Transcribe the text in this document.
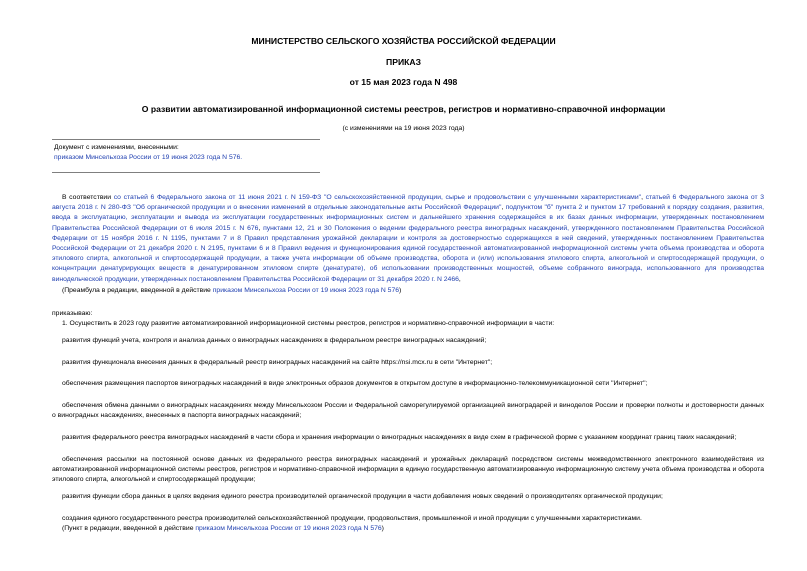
МИНИСТЕРСТВО СЕЛЬСКОГО ХОЗЯЙСТВА РОССИЙСКОЙ ФЕДЕРАЦИИ
ПРИКАЗ
от 15 мая 2023 года N 498
О развитии автоматизированной информационной системы реестров, регистров и нормативно-справочной информации
(с изменениями на 19 июня 2023 года)
Документ с изменениями, внесенными:
приказом Минсельхоза России от 19 июня 2023 года N 576.
В соответствии со статьей 6 Федерального закона от 11 июня 2021 г. N 159-ФЗ "О сельскохозяйственной продукции, сырье и продовольствии с улучшенными характеристиками", статьей 6 Федерального закона от 3 августа 2018 г. N 280-ФЗ "Об органической продукции и о внесении изменений в отдельные законодательные акты Российской Федерации", подпунктом "б" пункта 2 и пунктом 17 требований к порядку создания, развития, ввода в эксплуатацию, эксплуатации и вывода из эксплуатации государственных информационных систем и дальнейшего хранения содержащейся в их базах данных информации, утвержденных постановлением Правительства Российской Федерации от 6 июля 2015 г. N 676, пунктами 12, 21 и 30 Положения о ведении федерального реестра виноградных насаждений, утвержденного постановлением Правительства Российской Федерации от 15 ноября 2016 г. N 1195, пунктами 7 и 8 Правил представления урожайной декларации и контроля за достоверностью содержащихся в ней сведений, утвержденных постановлением Правительства Российской Федерации от 21 декабря 2020 г. N 2195, пунктами 6 и 8 Правил ведения и функционирования единой государственной автоматизированной информационной системы учета объема производства и оборота этилового спирта, алкогольной и спиртосодержащей продукции, а также учета информации об объеме производства, оборота и (или) использования этилового спирта, алкогольной и спиртосодержащей продукции, о концентрации денатурирующих веществ в денатурированном этиловом спирте (денатурате), об использовании производственных мощностей, объеме собранного винограда, использованного для производства винодельческой продукции, утвержденных постановлением Правительства Российской Федерации от 31 декабря 2020 г. N 2466,
(Преамбула в редакции, введенной в действие приказом Минсельхоза России от 19 июня 2023 года N 576)
приказываю:
1. Осуществить в 2023 году развитие автоматизированной информационной системы реестров, регистров и нормативно-справочной информации в части:
развития функций учета, контроля и анализа данных о виноградных насаждениях в федеральном реестре виноградных насаждений;
развития функционала внесения данных в федеральный реестр виноградных насаждений на сайте https://nsi.mcx.ru в сети "Интернет";
обеспечения размещения паспортов виноградных насаждений в виде электронных образов документов в открытом доступе в информационно-телекоммуникационной сети "Интернет";
обеспечения обмена данными о виноградных насаждениях между Минсельхозом России и Федеральной саморегулируемой организацией виноградарей и виноделов России и проверки полноты и достоверности данных о виноградных насаждениях, внесенных в паспорта виноградных насаждений;
развития федерального реестра виноградных насаждений в части сбора и хранения информации о виноградных насаждениях в виде схем в графической форме с указанием координат границ таких насаждений;
обеспечения рассылки на постоянной основе данных из федерального реестра виноградных насаждений и урожайных деклараций посредством системы межведомственного электронного взаимодействия из автоматизированной информационной системы реестров, регистров и нормативно-справочной информации в единую государственную автоматизированную информационную систему учета объема производства и оборота этилового спирта, алкогольной и спиртосодержащей продукции;
развития функции сбора данных в целях ведения единого реестра производителей органической продукции в части добавления новых сведений о производителях органической продукции;
создания единого государственного реестра производителей сельскохозяйственной продукции, продовольствия, промышленной и иной продукции с улучшенными характеристиками.
(Пункт в редакции, введенной в действие приказом Минсельхоза России от 19 июня 2023 года N 576)
